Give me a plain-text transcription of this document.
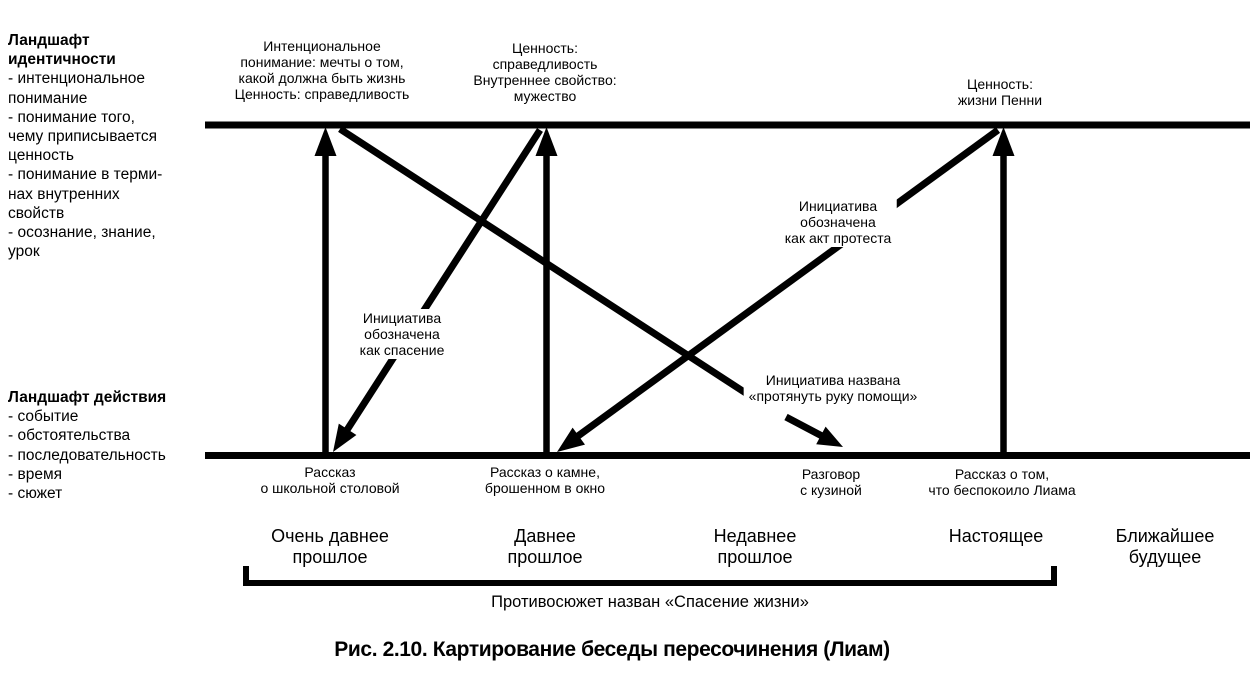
Ландшафт
идентичности
- интенциональное
понимание
- понимание того,
чему приписывается
ценность
- понимание в терми-
нах внутренних
свойств
- осознание, знание,
урок
Ландшафт действия
- событие
- обстоятельства
- последовательность
- время
- сюжет
Интенциональное
понимание: мечты о том,
какой должна быть жизнь
Ценность: справедливость
Ценность:
справедливость
Внутреннее свойство:
мужество
Ценность:
жизни Пенни
Инициатива
обозначена
как спасение
Инициатива
обозначена
как акт протеста
Инициатива названа
«протянуть руку помощи»
Рассказ
о школьной столовой
Рассказ о камне,
брошенном в окно
Разговор
с кузиной
Рассказ о том,
что беспокоило Лиама
Очень давнее
прошлое
Давнее
прошлое
Недавнее
прошлое
Настоящее	Ближайшее
будущее
Противосюжет назван «Спасение жизни»
Рис. 2.10. Картирование беседы пересочинения (Лиам)
